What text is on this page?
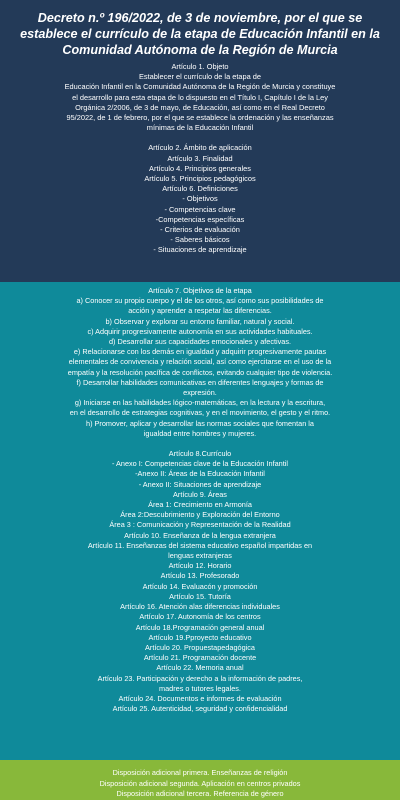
Decreto n.º 196/2022, de 3 de noviembre, por el que se
establece el currículo de la etapa de Educación Infantil en la
Comunidad Autónoma de la Región de Murcia
Artículo 1. Objeto
Establecer el currículo de la etapa de
Educación Infantil en la Comunidad Autónoma de la Región de Murcia y constituye
el desarrollo para esta etapa de lo dispuesto en el Título I, Capítulo I de la Ley
Orgánica 2/2006, de 3 de mayo, de Educación, así como en el Real Decreto
95/2022, de 1 de febrero, por el que se establece la ordenación y las enseñanzas
mínimas de la Educación Infantil
Artículo 2. Ámbito de aplicación
Artículo 3. Finalidad
Artículo 4. Principios generales
Artículo 5. Principios pedagógicos
Artículo 6. Definiciones
- Objetivos
- Competencias clave
-Competencias específicas
- Criterios de evaluación
- Saberes básicos
- Situaciones de aprendizaje
Artículo 7. Objetivos de la etapa
a) Conocer su propio cuerpo y el de los otros, así como sus posibilidades de
acción y aprender a respetar las diferencias.
b) Observar y explorar su entorno familiar, natural y social.
c) Adquirir progresivamente autonomía en sus actividades habituales.
d) Desarrollar sus capacidades emocionales y afectivas.
e) Relacionarse con los demás en igualdad y adquirir progresivamente pautas
elementales de convivencia y relación social, así como ejercitarse en el uso de la
empatía y la resolución pacífica de conflictos, evitando cualquier tipo de violencia.
f) Desarrollar habilidades comunicativas en diferentes lenguajes y formas de
expresión.
g) Iniciarse en las habilidades lógico-matemáticas, en la lectura y la escritura,
en el desarrollo de estrategias cognitivas, y en el movimiento, el gesto y el ritmo.
h) Promover, aplicar y desarrollar las normas sociales que fomentan la
igualdad entre hombres y mujeres.
Artículo 8.Currículo
- Anexo I: Competencias clave de la Educación Infantil
-Anexo II: Áreas de la Educación Infantil
- Anexo II: Situaciones de aprendizaje
Artículo 9. Áreas
Área 1: Crecimiento en Armonía
Área 2:Descubrimiento y Exploración del Entorno
Área 3 : Comunicación y Representación de la Realidad
Artículo 10. Enseñanza de la lengua extranjera
Artículo 11. Enseñanzas del sistema educativo español impartidas en
lenguas extranjeras
Artículo 12. Horario
Artículo 13. Profesorado
Artículo 14. Evaluacón y promoción
Artículo 15. Tutoría
Artículo 16. Atención alas diferencias individuales
Artículo 17. Autonomía de los centros
Artículo 18.Programación general anual
Artículo 19.Pproyecto educativo
Artículo 20. Propuestapedagógica
Artículo 21. Programación docente
Artículo 22. Memoria anual
Artículo 23. Participación y derecho a la información de padres,
madres o tutores legales.
Artículo 24. Documentos e informes de evaluación
Artículo 25. Autenticidad, seguridad y confidencialidad
Disposición adicional primera. Enseñanzas de religión
Disposición adicional segunda. Aplicación en centros privados
Disposición adicional tercera. Referencia de género
